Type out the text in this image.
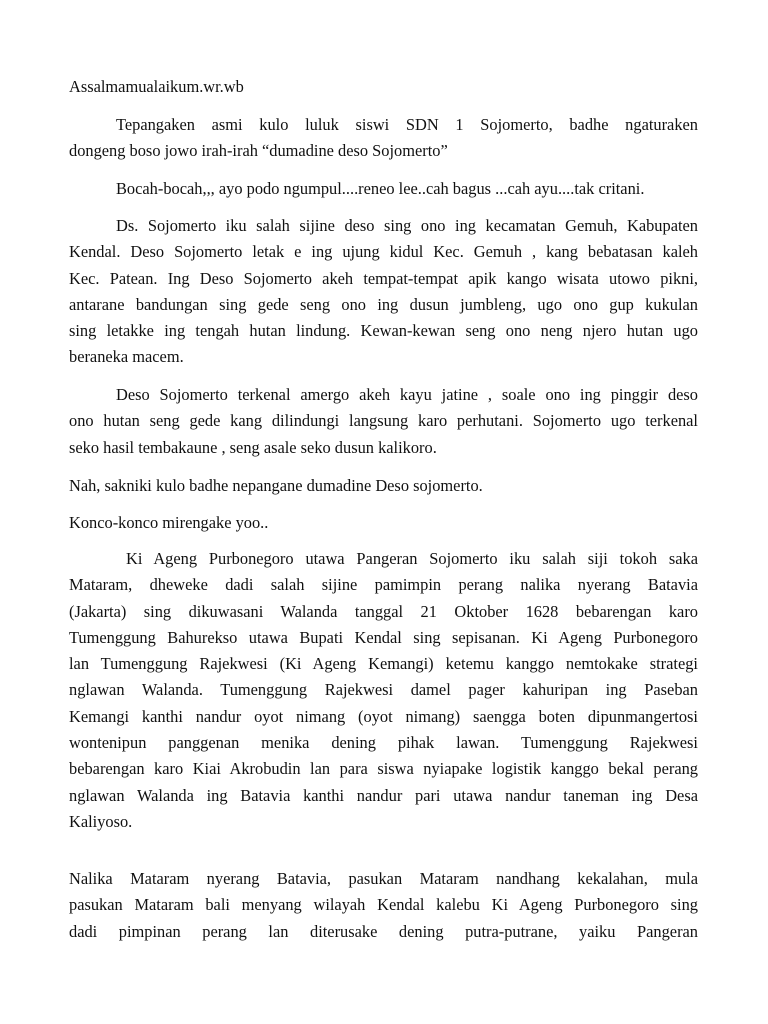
Assalmamualaikum.wr.wb
Tepangaken asmi kulo luluk siswi SDN 1 Sojomerto, badhe ngaturaken
dongeng boso jowo irah-irah “dumadine deso Sojomerto”
Bocah-bocah,,, ayo podo ngumpul....reneo lee..cah bagus ...cah ayu....tak critani.
Ds. Sojomerto iku salah sijine deso sing ono ing kecamatan Gemuh, Kabupaten
Kendal. Deso Sojomerto letak e ing ujung kidul Kec. Gemuh , kang bebatasan kaleh
Kec. Patean. Ing Deso Sojomerto akeh tempat-tempat apik kango wisata utowo pikni,
antarane bandungan sing gede seng ono ing dusun jumbleng, ugo ono gup kukulan
sing letakke ing tengah hutan lindung. Kewan-kewan seng ono neng njero hutan ugo
beraneka macem.
Deso Sojomerto terkenal amergo akeh kayu jatine , soale ono ing pinggir deso
ono hutan seng gede kang dilindungi langsung karo perhutani. Sojomerto ugo terkenal
seko hasil tembakaune , seng asale seko dusun kalikoro.
Nah, sakniki kulo badhe nepangane dumadine Deso sojomerto.
Konco-konco mirengake yoo..
Ki Ageng Purbonegoro utawa Pangeran Sojomerto iku salah siji tokoh saka
Mataram, dheweke dadi salah sijine pamimpin perang nalika nyerang Batavia
(Jakarta) sing dikuwasani Walanda tanggal 21 Oktober 1628 bebarengan karo
Tumenggung Bahurekso utawa Bupati Kendal sing sepisanan. Ki Ageng Purbonegoro
lan Tumenggung Rajekwesi (Ki Ageng Kemangi) ketemu kanggo nemtokake strategi
nglawan Walanda. Tumenggung Rajekwesi damel pager kahuripan ing Paseban
Kemangi kanthi nandur oyot nimang (oyot nimang) saengga boten dipunmangertosi
wontenipun panggenan menika dening pihak lawan. Tumenggung Rajekwesi
bebarengan karo Kiai Akrobudin lan para siswa nyiapake logistik kanggo bekal perang
nglawan Walanda ing Batavia kanthi nandur pari utawa nandur taneman ing Desa
Kaliyoso.
Nalika Mataram nyerang Batavia, pasukan Mataram nandhang kekalahan, mula
pasukan Mataram bali menyang wilayah Kendal kalebu Ki Ageng Purbonegoro sing
dadi pimpinan perang lan diterusake dening putra-putrane, yaiku Pangeran
